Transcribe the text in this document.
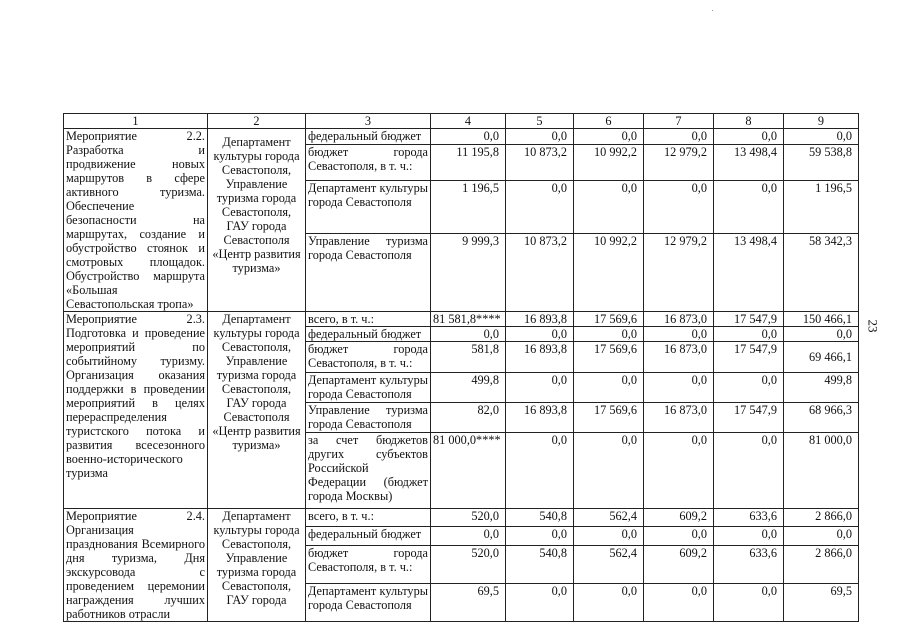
1	2	3	4	5	6	7	8	9
Мероприятие 2.2. Разработка и продвижение новых маршрутов в сфере активного туризма. Обеспечение безопасности на маршрутах, создание и обустройство стоянок и смотровых площадок. Обустройство маршрута «Большая Севастопольская тропа»	Департамент культуры города Севастополя, Управление туризма города Севастополя, ГАУ города Севастополя «Центр развития туризма»	федеральный бюджет	0,0	0,0	0,0	0,0	0,0	0,0
		бюджет города Севастополя, в т. ч.:	11 195,8	10 873,2	10 992,2	12 979,2	13 498,4	59 538,8
		Департамент культуры города Севастополя	1 196,5	0,0	0,0	0,0	0,0	1 196,5
		Управление туризма города Севастополя	9 999,3	10 873,2	10 992,2	12 979,2	13 498,4	58 342,3
Мероприятие 2.3. Подготовка и проведение мероприятий по событийному туризму. Организация оказания поддержки в проведении мероприятий в целях перераспределения туристского потока и развития всесезонного военно-исторического туризма	Департамент культуры города Севастополя, Управление туризма города Севастополя, ГАУ города Севастополя «Центр развития туризма»	всего, в т. ч.:	81 581,8****	16 893,8	17 569,6	16 873,0	17 547,9	150 466,1
		федеральный бюджет	0,0	0,0	0,0	0,0	0,0	0,0
		бюджет города Севастополя, в т. ч.:	581,8	16 893,8	17 569,6	16 873,0	17 547,9	69 466,1
		Департамент культуры города Севастополя	499,8	0,0	0,0	0,0	0,0	499,8
		Управление туризма города Севастополя	82,0	16 893,8	17 569,6	16 873,0	17 547,9	68 966,3
		за счет бюджетов других субъектов Российской Федерации (бюджет города Москвы)	81 000,0****	0,0	0,0	0,0	0,0	81 000,0
Мероприятие 2.4. Организация празднования Всемирного дня туризма, Дня экскурсовода с проведением церемонии награждения лучших работников отрасли	Департамент культуры города Севастополя, Управление туризма города Севастополя, ГАУ города	всего, в т. ч.:	520,0	540,8	562,4	609,2	633,6	2 866,0
		федеральный бюджет	0,0	0,0	0,0	0,0	0,0	0,0
		бюджет города Севастополя, в т. ч.:	520,0	540,8	562,4	609,2	633,6	2 866,0
		Департамент культуры города Севастополя	69,5	0,0	0,0	0,0	0,0	69,5
23
